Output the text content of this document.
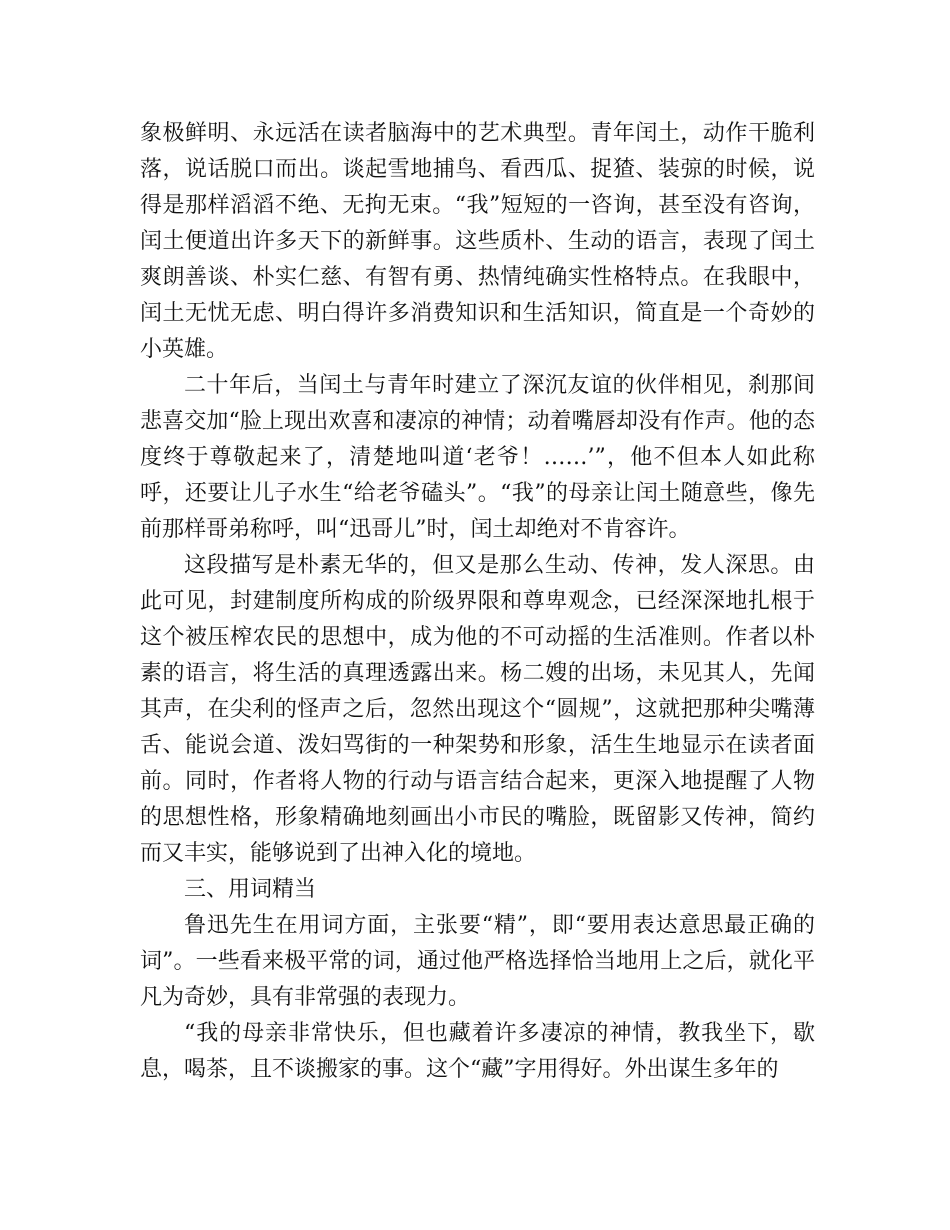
象极鲜明、永远活在读者脑海中的艺术典型。青年闰土，动作干脆利落，说话脱口而出。谈起雪地捕鸟、看西瓜、捉猹、装弶的时候，说得是那样滔滔不绝、无拘无束。“我”短短的一咨询，甚至没有咨询，闰土便道出许多天下的新鲜事。这些质朴、生动的语言，表现了闰土爽朗善谈、朴实仁慈、有智有勇、热情纯确实性格特点。在我眼中，闰土无忧无虑、明白得许多消费知识和生活知识，简直是一个奇妙的小英雄。

二十年后，当闰土与青年时建立了深沉友谊的伙伴相见，刹那间悲喜交加“脸上现出欢喜和凄凉的神情；动着嘴唇却没有作声。他的态度终于尊敬起来了，清楚地叫道‘老爷！……’”，他不但本人如此称呼，还要让儿子水生“给老爷磕头”。“我”的母亲让闰土随意些，像先前那样哥弟称呼，叫“迅哥儿”时，闰土却绝对不肯容许。

这段描写是朴素无华的，但又是那么生动、传神，发人深思。由此可见，封建制度所构成的阶级界限和尊卑观念，已经深深地扎根于这个被压榨农民的思想中，成为他的不可动摇的生活准则。作者以朴素的语言，将生活的真理透露出来。杨二嫂的出场，未见其人，先闻其声，在尖利的怪声之后，忽然出现这个“圆规”，这就把那种尖嘴薄舌、能说会道、泼妇骂街的一种架势和形象，活生生地显示在读者面前。同时，作者将人物的行动与语言结合起来，更深入地提醒了人物的思想性格，形象精确地刻画出小市民的嘴脸，既留影又传神，简约而又丰实，能够说到了出神入化的境地。

三、用词精当

鲁迅先生在用词方面，主张要“精”，即“要用表达意思最正确的词”。一些看来极平常的词，通过他严格选择恰当地用上之后，就化平凡为奇妙，具有非常强的表现力。

“我的母亲非常快乐，但也藏着许多凄凉的神情，教我坐下，歇息，喝茶，且不谈搬家的事。这个“藏”字用得好。外出谋生多年的
